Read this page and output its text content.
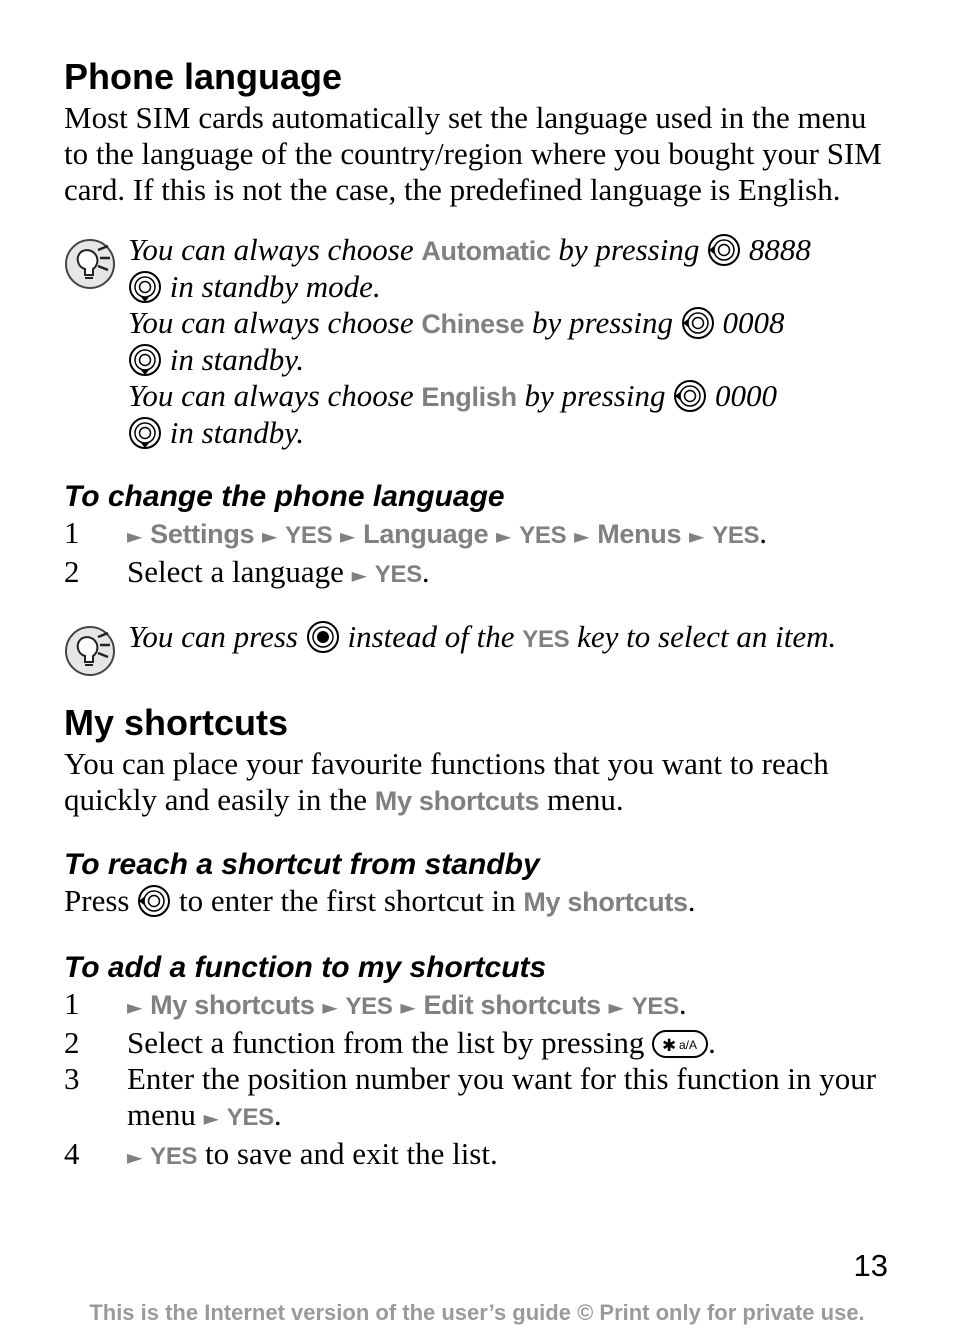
Phone language

Most SIM cards automatically set the language used in the menu to the language of the country/region where you bought your SIM card. If this is not the case, the predefined language is English.

You can always choose Automatic by pressing  8888
in standby mode.
You can always choose Chinese by pressing  0008
in standby.
You can always choose English by pressing  0000
in standby.
To change the phone language
1 ► Settings ► YES ► Language ► YES ► Menus ► YES.
2 Select a language ► YES.
You can press  instead of the YES key to select an item.
My shortcuts

You can place your favourite functions that you want to reach quickly and easily in the My shortcuts menu.

To reach a shortcut from standby

Press  to enter the first shortcut in My shortcuts.

To add a function to my shortcuts
1 ► My shortcuts ► YES ► Edit shortcuts ► YES.
2 Select a function from the list by pressing ✱ a/A .
3 Enter the position number you want for this function in your menu ► YES.
4 ► YES to save and exit the list.
13
This is the Internet version of the user’s guide © Print only for private use.
